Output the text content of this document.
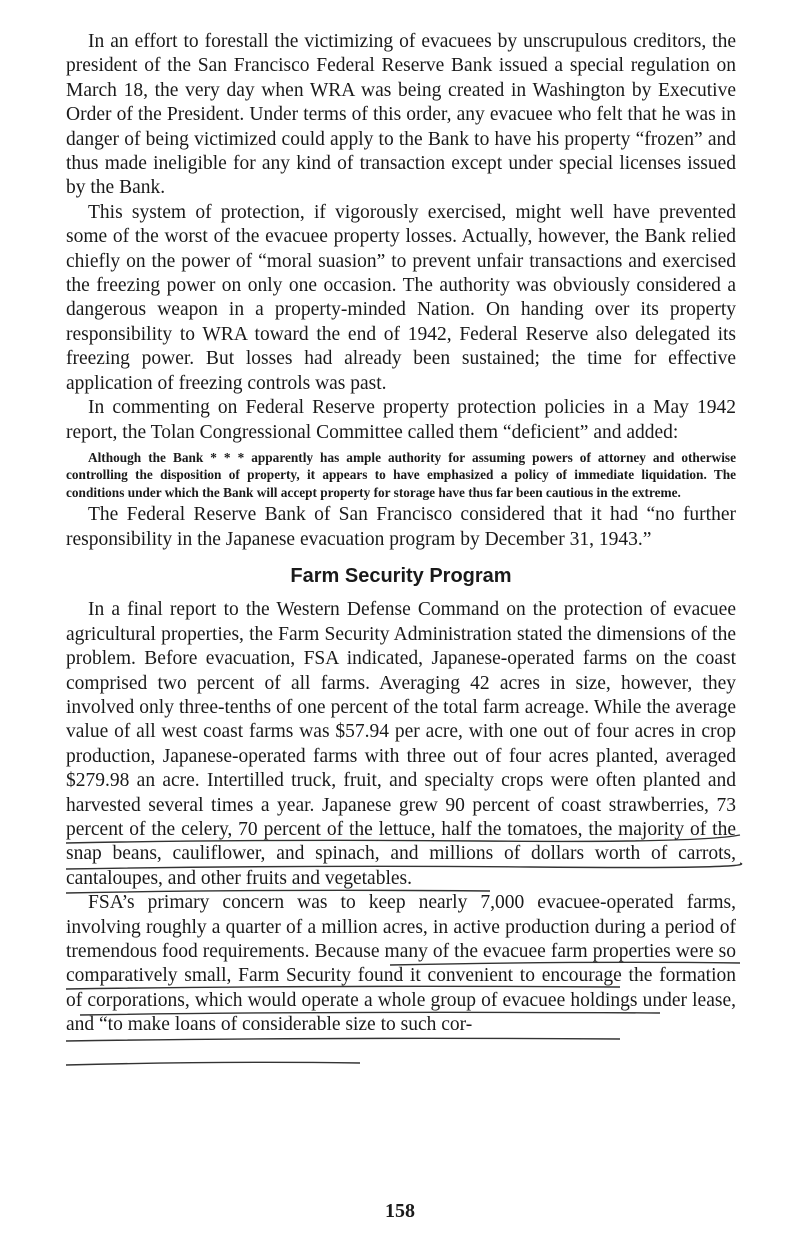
In an effort to forestall the victimizing of evacuees by unscrupulous creditors, the president of the San Francisco Federal Reserve Bank issued a special regulation on March 18, the very day when WRA was being created in Washington by Executive Order of the President. Under terms of this order, any evacuee who felt that he was in danger of being victimized could apply to the Bank to have his property “frozen” and thus made ineligible for any kind of transaction except under special licenses issued by the Bank.

This system of protection, if vigorously exercised, might well have prevented some of the worst of the evacuee property losses. Actually, however, the Bank relied chiefly on the power of “moral suasion” to prevent unfair transactions and exercised the freezing power on only one occasion. The authority was obviously considered a dangerous weapon in a property-minded Nation. On handing over its property responsibility to WRA toward the end of 1942, Federal Reserve also delegated its freezing power. But losses had already been sustained; the time for effective application of freezing controls was past.

In commenting on Federal Reserve property protection policies in a May 1942 report, the Tolan Congressional Committee called them “deficient” and added:

Although the Bank * * * apparently has ample authority for assuming powers of attorney and otherwise controlling the disposition of property, it appears to have emphasized a policy of immediate liquidation. The conditions under which the Bank will accept property for storage have thus far been cautious in the extreme.

The Federal Reserve Bank of San Francisco considered that it had “no further responsibility in the Japanese evacuation program by December 31, 1943.”

Farm Security Program

In a final report to the Western Defense Command on the protection of evacuee agricultural properties, the Farm Security Administration stated the dimensions of the problem. Before evacuation, FSA indicated, Japanese-operated farms on the coast comprised two percent of all farms. Averaging 42 acres in size, however, they involved only three-tenths of one percent of the total farm acreage. While the average value of all west coast farms was $57.94 per acre, with one out of four acres in crop production, Japanese-operated farms with three out of four acres planted, averaged $279.98 an acre. Intertilled truck, fruit, and specialty crops were often planted and harvested several times a year. Japanese grew 90 percent of coast strawberries, 73 percent of the celery, 70 percent of the lettuce, half the tomatoes, the majority of the snap beans, cauliflower, and spinach, and millions of dollars worth of carrots, cantaloupes, and other fruits and vegetables.

FSA’s primary concern was to keep nearly 7,000 evacuee-operated farms, involving roughly a quarter of a million acres, in active production during a period of tremendous food requirements. Because many of the evacuee farm properties were so comparatively small, Farm Security found it convenient to encourage the formation of corporations, which would operate a whole group of evacuee holdings under lease, and “to make loans of considerable size to such cor-

158
